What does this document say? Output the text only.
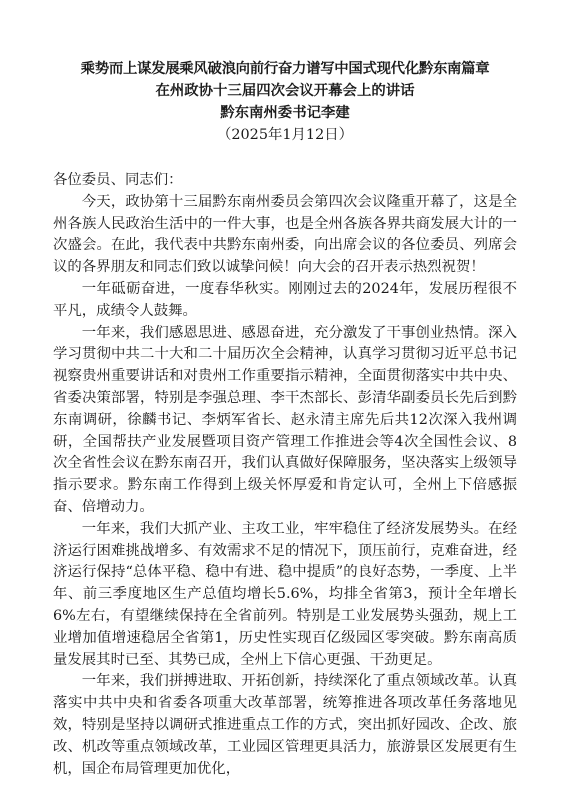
乘势而上谋发展乘风破浪向前行奋力谱写中国式现代化黔东南篇章

在州政协十三届四次会议开幕会上的讲话

黔东南州委书记李建

（2025年1月12日）

各位委员、同志们：

今天，政协第十三届黔东南州委员会第四次会议隆重开幕了，这是全州各族人民政治生活中的一件大事，也是全州各族各界共商发展大计的一次盛会。在此，我代表中共黔东南州委，向出席会议的各位委员、列席会议的各界朋友和同志们致以诚挚问候！向大会的召开表示热烈祝贺！

一年砥砺奋进，一度春华秋实。刚刚过去的2024年，发展历程很不平凡，成绩令人鼓舞。

一年来，我们感恩思进、感恩奋进，充分激发了干事创业热情。深入学习贯彻中共二十大和二十届历次全会精神，认真学习贯彻习近平总书记视察贵州重要讲话和对贵州工作重要指示精神，全面贯彻落实中共中央、省委决策部署，特别是李强总理、李干杰部长、彭清华副委员长先后到黔东南调研，徐麟书记、李炳军省长、赵永清主席先后共12次深入我州调研，全国帮扶产业发展暨项目资产管理工作推进会等4次全国性会议、8次全省性会议在黔东南召开，我们认真做好保障服务，坚决落实上级领导指示要求。黔东南工作得到上级关怀厚爱和肯定认可，全州上下倍感振奋、倍增动力。

一年来，我们大抓产业、主攻工业，牢牢稳住了经济发展势头。在经济运行困难挑战增多、有效需求不足的情况下，顶压前行，克难奋进，经济运行保持“总体平稳、稳中有进、稳中提质”的良好态势，一季度、上半年、前三季度地区生产总值均增长5.6%，均排全省第3，预计全年增长6%左右，有望继续保持在全省前列。特别是工业发展势头强劲，规上工业增加值增速稳居全省第1，历史性实现百亿级园区零突破。黔东南高质量发展其时已至、其势已成，全州上下信心更强、干劲更足。

一年来，我们拼搏进取、开拓创新，持续深化了重点领域改革。认真落实中共中央和省委各项重大改革部署，统筹推进各项改革任务落地见效，特别是坚持以调研式推进重点工作的方式，突出抓好园改、企改、旅改、机改等重点领域改革，工业园区管理更具活力，旅游景区发展更有生机，国企布局管理更加优化，
